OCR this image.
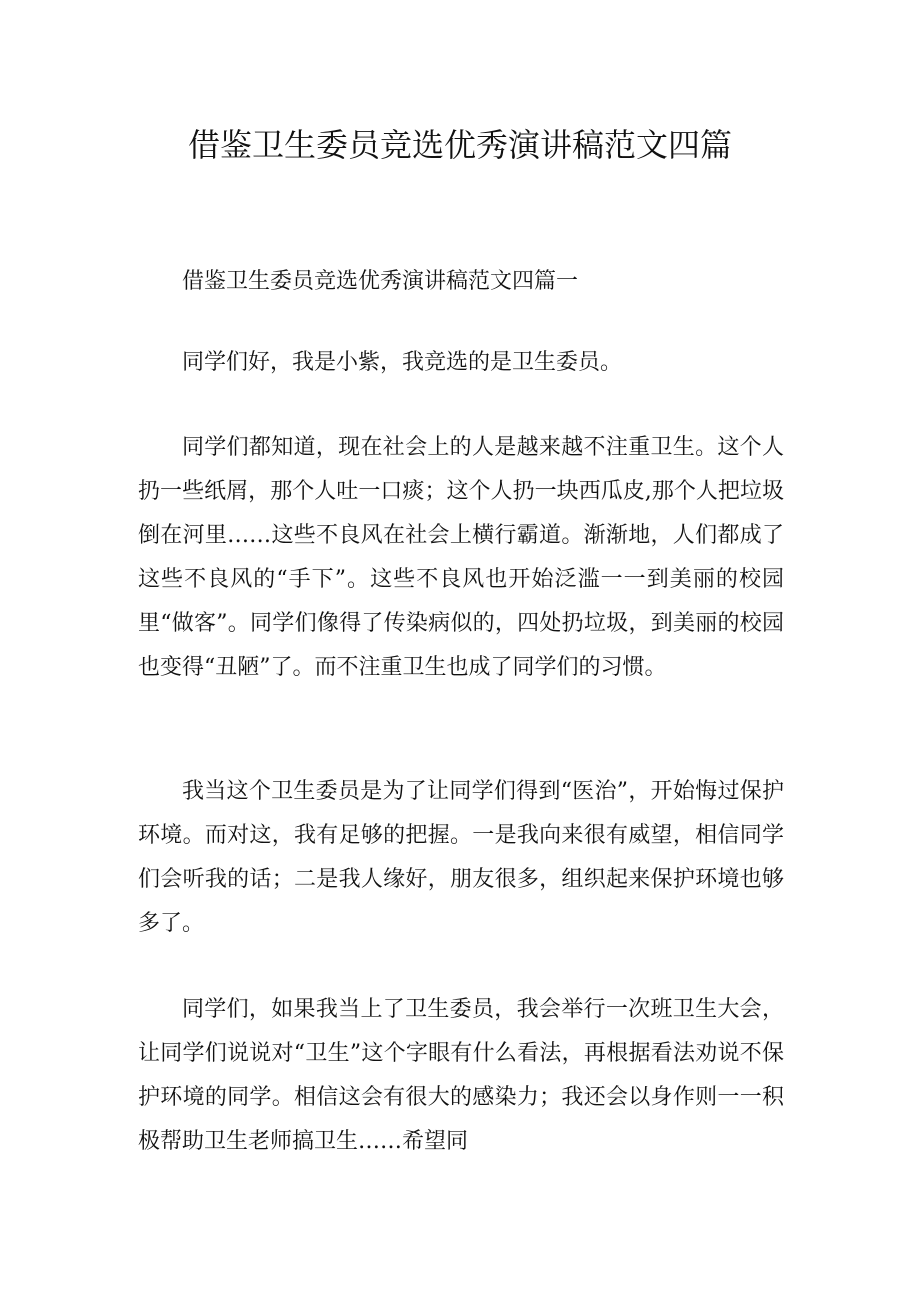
借鉴卫生委员竞选优秀演讲稿范文四篇

借鉴卫生委员竞选优秀演讲稿范文四篇一

同学们好，我是小紫，我竞选的是卫生委员。

同学们都知道，现在社会上的人是越来越不注重卫生。这个人扔一些纸屑，那个人吐一口痰；这个人扔一块西瓜皮,那个人把垃圾倒在河里……这些不良风在社会上横行霸道。渐渐地，人们都成了这些不良风的“手下”。这些不良风也开始泛滥一一到美丽的校园里“做客”。同学们像得了传染病似的，四处扔垃圾，到美丽的校园也变得“丑陋”了。而不注重卫生也成了同学们的习惯。

我当这个卫生委员是为了让同学们得到“医治”，开始悔过保护环境。而对这，我有足够的把握。一是我向来很有威望，相信同学们会听我的话；二是我人缘好，朋友很多，组织起来保护环境也够多了。

同学们，如果我当上了卫生委员，我会举行一次班卫生大会，让同学们说说对“卫生”这个字眼有什么看法，再根据看法劝说不保护环境的同学。相信这会有很大的感染力；我还会以身作则一一积极帮助卫生老师搞卫生……希望同
